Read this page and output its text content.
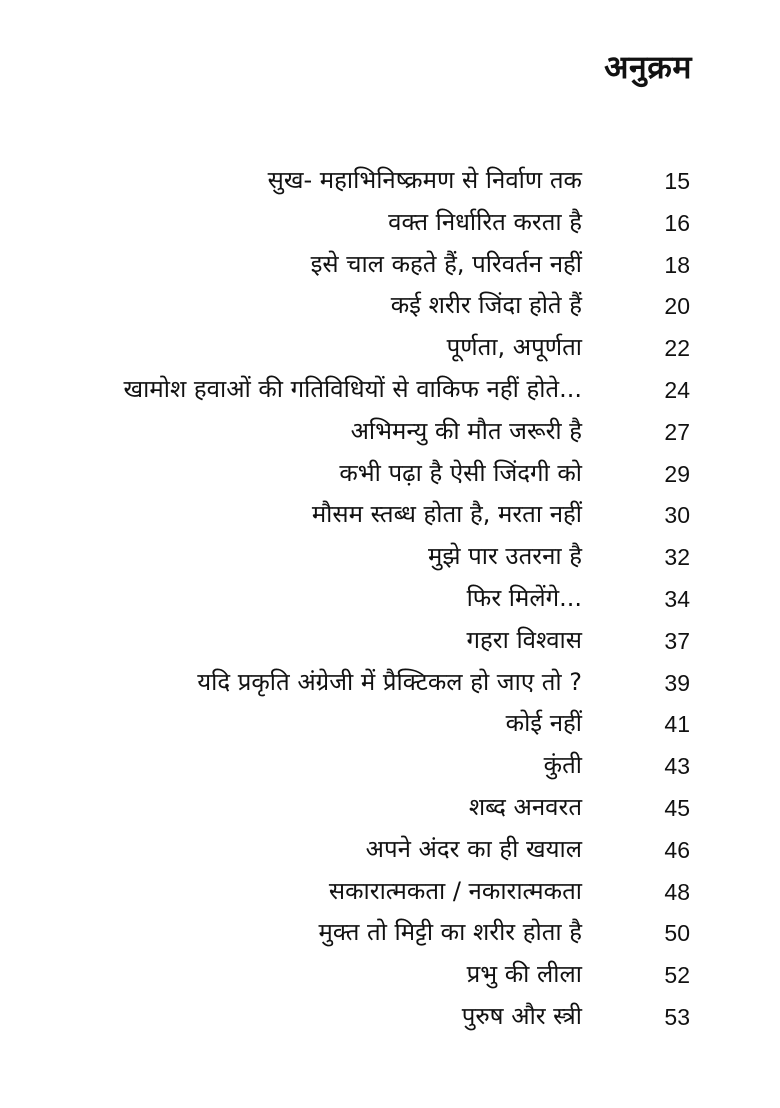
अनुक्रम
सुख- महाभिनिष्क्रमण से निर्वाण तक	15
वक्त निर्धारित करता है	16
इसे चाल कहते हैं, परिवर्तन नहीं	18
कई शरीर जिंदा होते हैं	20
पूर्णता, अपूर्णता	22
खामोश हवाओं की गतिविधियों से वाकिफ नहीं होते...	24
अभिमन्यु की मौत जरूरी है	27
कभी पढ़ा है ऐसी जिंदगी को	29
मौसम स्तब्ध होता है, मरता नहीं	30
मुझे पार उतरना है	32
फिर मिलेंगे...	34
गहरा विश्वास	37
यदि प्रकृति अंग्रेजी में प्रैक्टिकल हो जाए तो ?	39
कोई नहीं	41
कुंती	43
शब्द अनवरत	45
अपने अंदर का ही खयाल	46
सकारात्मकता / नकारात्मकता	48
मुक्त तो मिट्टी का शरीर होता है	50
प्रभु की लीला	52
पुरुष और स्त्री	53
